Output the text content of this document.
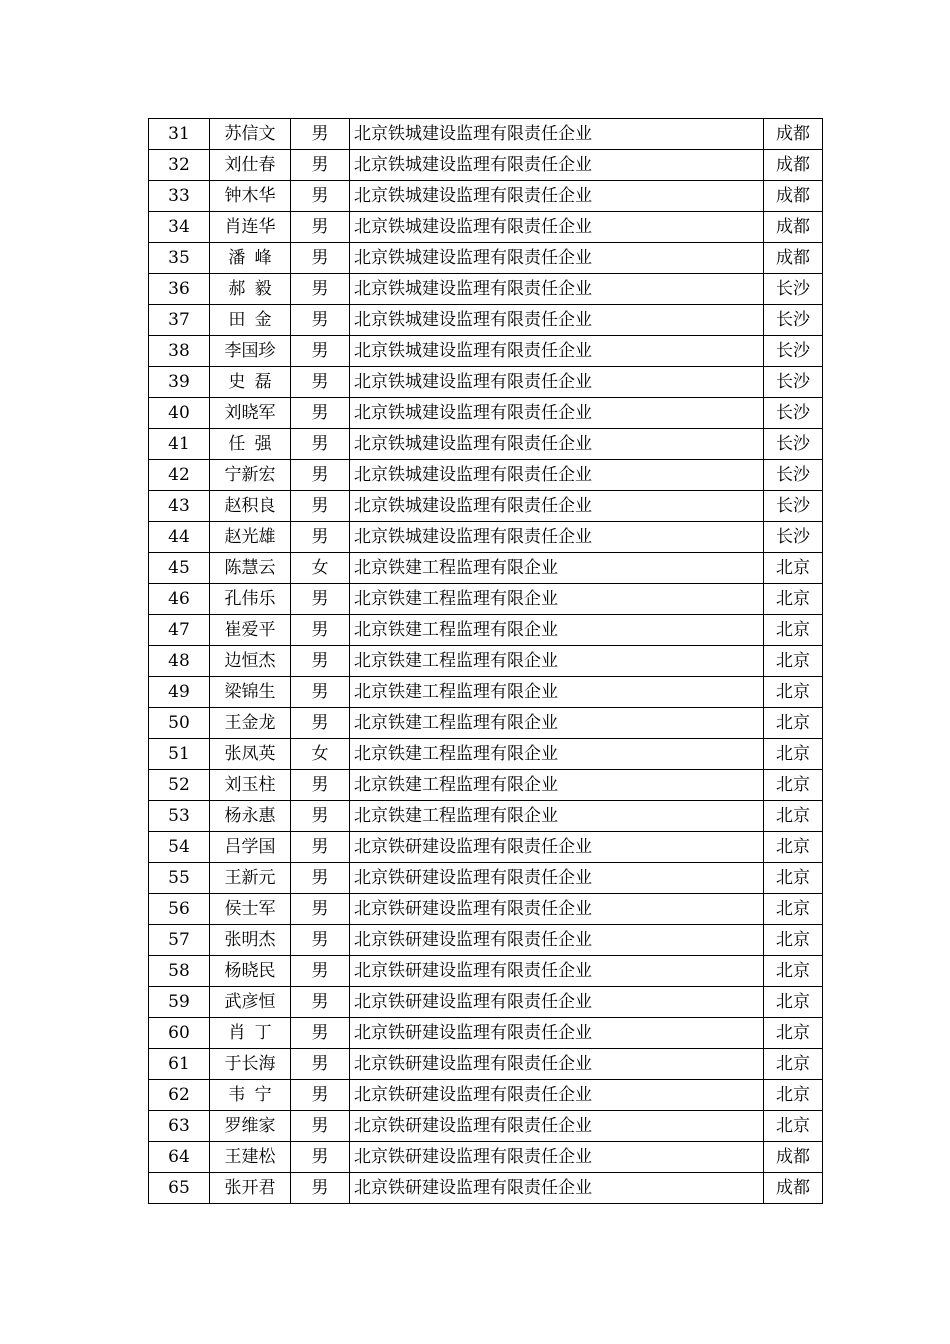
31	苏信文	男	北京铁城建设监理有限责任企业	成都
32	刘仕春	男	北京铁城建设监理有限责任企业	成都
33	钟木华	男	北京铁城建设监理有限责任企业	成都
34	肖连华	男	北京铁城建设监理有限责任企业	成都
35	潘峰	男	北京铁城建设监理有限责任企业	成都
36	郝毅	男	北京铁城建设监理有限责任企业	长沙
37	田金	男	北京铁城建设监理有限责任企业	长沙
38	李国珍	男	北京铁城建设监理有限责任企业	长沙
39	史磊	男	北京铁城建设监理有限责任企业	长沙
40	刘晓军	男	北京铁城建设监理有限责任企业	长沙
41	任强	男	北京铁城建设监理有限责任企业	长沙
42	宁新宏	男	北京铁城建设监理有限责任企业	长沙
43	赵积良	男	北京铁城建设监理有限责任企业	长沙
44	赵光雄	男	北京铁城建设监理有限责任企业	长沙
45	陈慧云	女	北京铁建工程监理有限企业	北京
46	孔伟乐	男	北京铁建工程监理有限企业	北京
47	崔爱平	男	北京铁建工程监理有限企业	北京
48	边恒杰	男	北京铁建工程监理有限企业	北京
49	梁锦生	男	北京铁建工程监理有限企业	北京
50	王金龙	男	北京铁建工程监理有限企业	北京
51	张凤英	女	北京铁建工程监理有限企业	北京
52	刘玉柱	男	北京铁建工程监理有限企业	北京
53	杨永惠	男	北京铁建工程监理有限企业	北京
54	吕学国	男	北京铁研建设监理有限责任企业	北京
55	王新元	男	北京铁研建设监理有限责任企业	北京
56	侯士军	男	北京铁研建设监理有限责任企业	北京
57	张明杰	男	北京铁研建设监理有限责任企业	北京
58	杨晓民	男	北京铁研建设监理有限责任企业	北京
59	武彦恒	男	北京铁研建设监理有限责任企业	北京
60	肖丁	男	北京铁研建设监理有限责任企业	北京
61	于长海	男	北京铁研建设监理有限责任企业	北京
62	韦宁	男	北京铁研建设监理有限责任企业	北京
63	罗维家	男	北京铁研建设监理有限责任企业	北京
64	王建松	男	北京铁研建设监理有限责任企业	成都
65	张开君	男	北京铁研建设监理有限责任企业	成都
